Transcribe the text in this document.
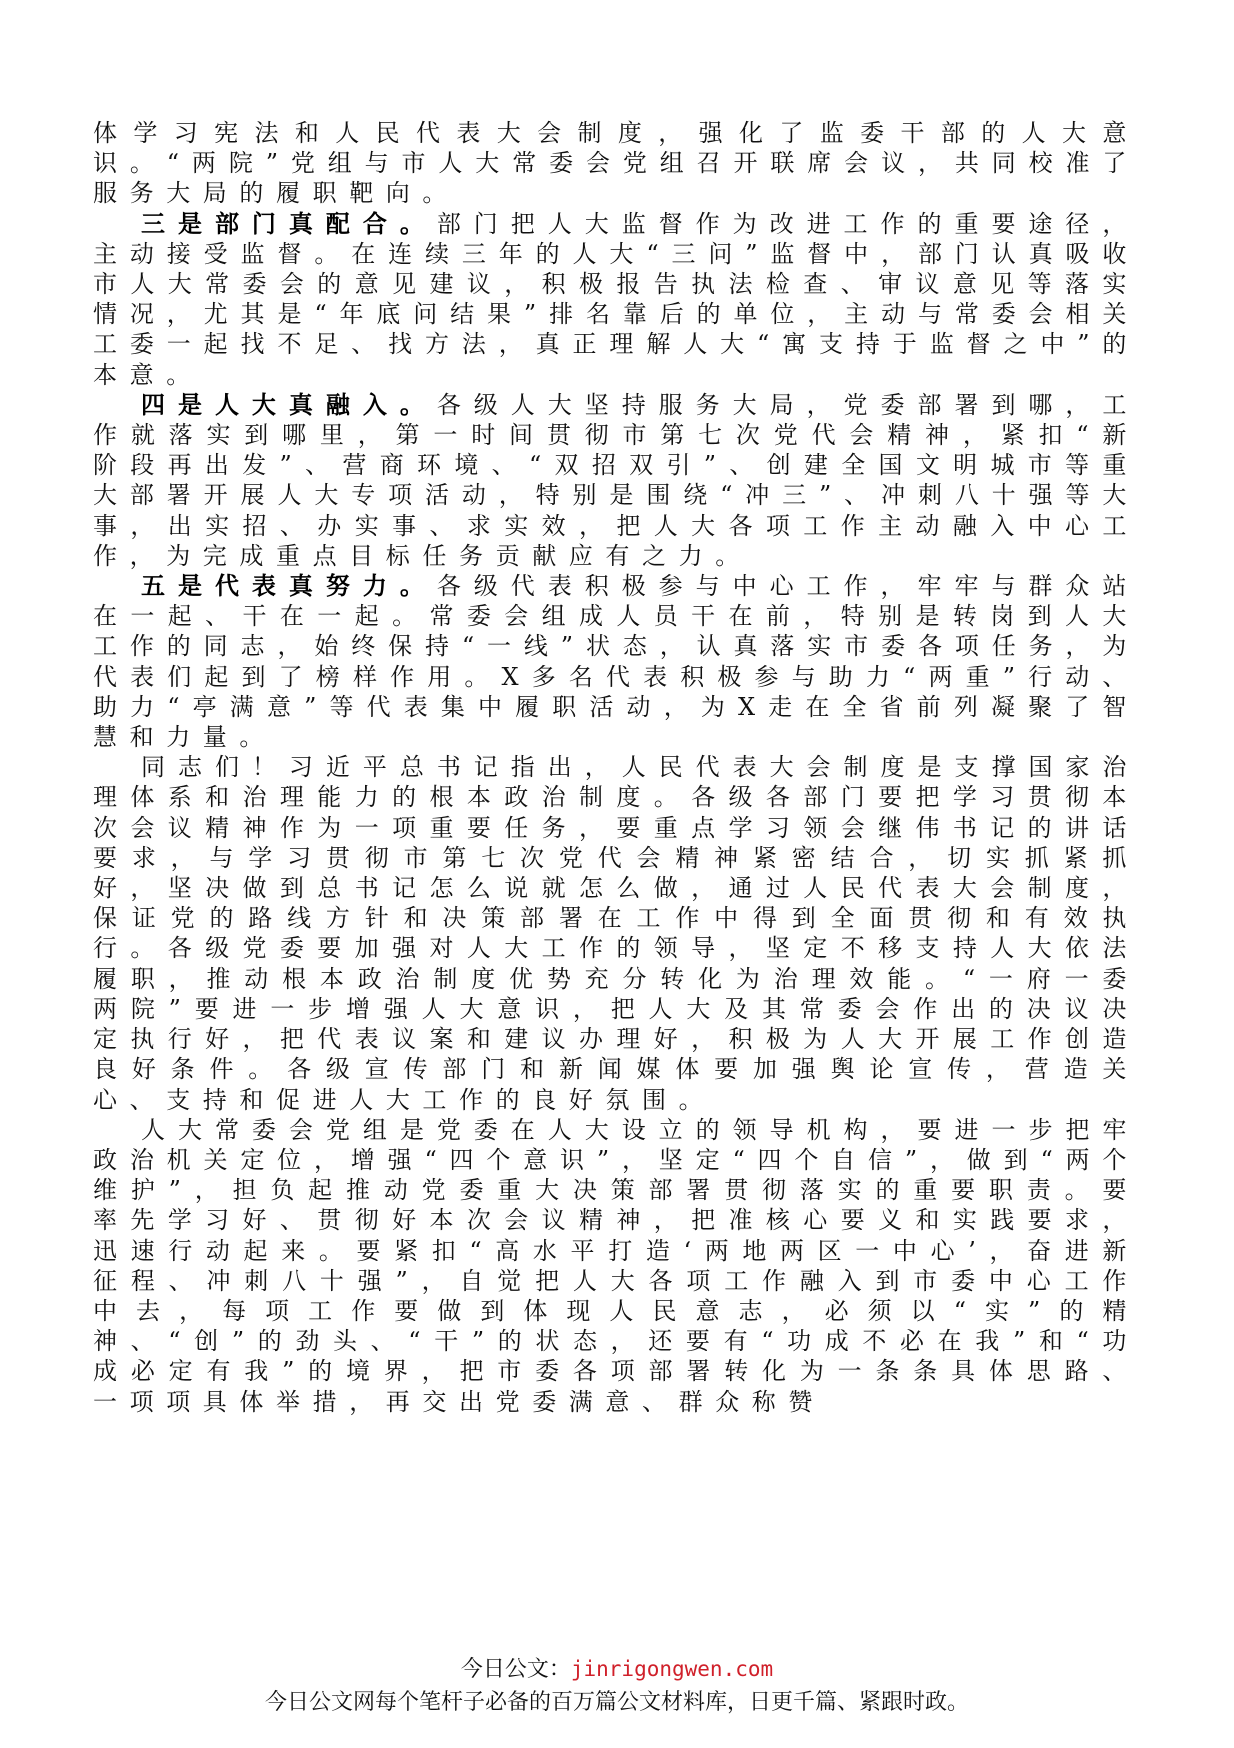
体学习宪法和人民代表大会制度，强化了监委干部的人大意识。“两院”党组与市人大常委会党组召开联席会议，共同校准了服务大局的履职靶向。

三是部门真配合。部门把人大监督作为改进工作的重要途径，主动接受监督。在连续三年的人大“三问”监督中，部门认真吸收市人大常委会的意见建议，积极报告执法检查、审议意见等落实情况，尤其是“年底问结果”排名靠后的单位，主动与常委会相关工委一起找不足、找方法，真正理解人大“寓支持于监督之中”的本意。

四是人大真融入。各级人大坚持服务大局，党委部署到哪，工作就落实到哪里，第一时间贯彻市第七次党代会精神，紧扣“新阶段再出发”、营商环境、“双招双引”、创建全国文明城市等重大部署开展人大专项活动，特别是围绕“冲三”、冲刺八十强等大事，出实招、办实事、求实效，把人大各项工作主动融入中心工作，为完成重点目标任务贡献应有之力。

五是代表真努力。各级代表积极参与中心工作，牢牢与群众站在一起、干在一起。常委会组成人员干在前，特别是转岗到人大工作的同志，始终保持“一线”状态，认真落实市委各项任务，为代表们起到了榜样作用。X多名代表积极参与助力“两重”行动、助力“亭满意”等代表集中履职活动，为X走在全省前列凝聚了智慧和力量。

同志们！习近平总书记指出，人民代表大会制度是支撑国家治理体系和治理能力的根本政治制度。各级各部门要把学习贯彻本次会议精神作为一项重要任务，要重点学习领会继伟书记的讲话要求，与学习贯彻市第七次党代会精神紧密结合，切实抓紧抓好，坚决做到总书记怎么说就怎么做，通过人民代表大会制度，保证党的路线方针和决策部署在工作中得到全面贯彻和有效执行。各级党委要加强对人大工作的领导，坚定不移支持人大依法履职，推动根本政治制度优势充分转化为治理效能。“一府一委两院”要进一步增强人大意识，把人大及其常委会作出的决议决定执行好，把代表议案和建议办理好，积极为人大开展工作创造良好条件。各级宣传部门和新闻媒体要加强舆论宣传，营造关心、支持和促进人大工作的良好氛围。

人大常委会党组是党委在人大设立的领导机构，要进一步把牢政治机关定位，增强“四个意识”，坚定“四个自信”，做到“两个维护”，担负起推动党委重大决策部署贯彻落实的重要职责。要率先学习好、贯彻好本次会议精神，把准核心要义和实践要求，迅速行动起来。要紧扣“高水平打造‘两地两区一中心’，奋进新征程、冲刺八十强”，自觉把人大各项工作融入到市委中心工作中去，每项工作要做到体现人民意志，必须以“实”的精神、“创”的劲头、“干”的状态，还要有“功成不必在我”和“功成必定有我”的境界，把市委各项部署转化为一条条具体思路、一项项具体举措，再交出党委满意、群众称赞

今日公文：jinrigongwen.com
今日公文网每个笔杆子必备的百万篇公文材料库，日更千篇、紧跟时政。
